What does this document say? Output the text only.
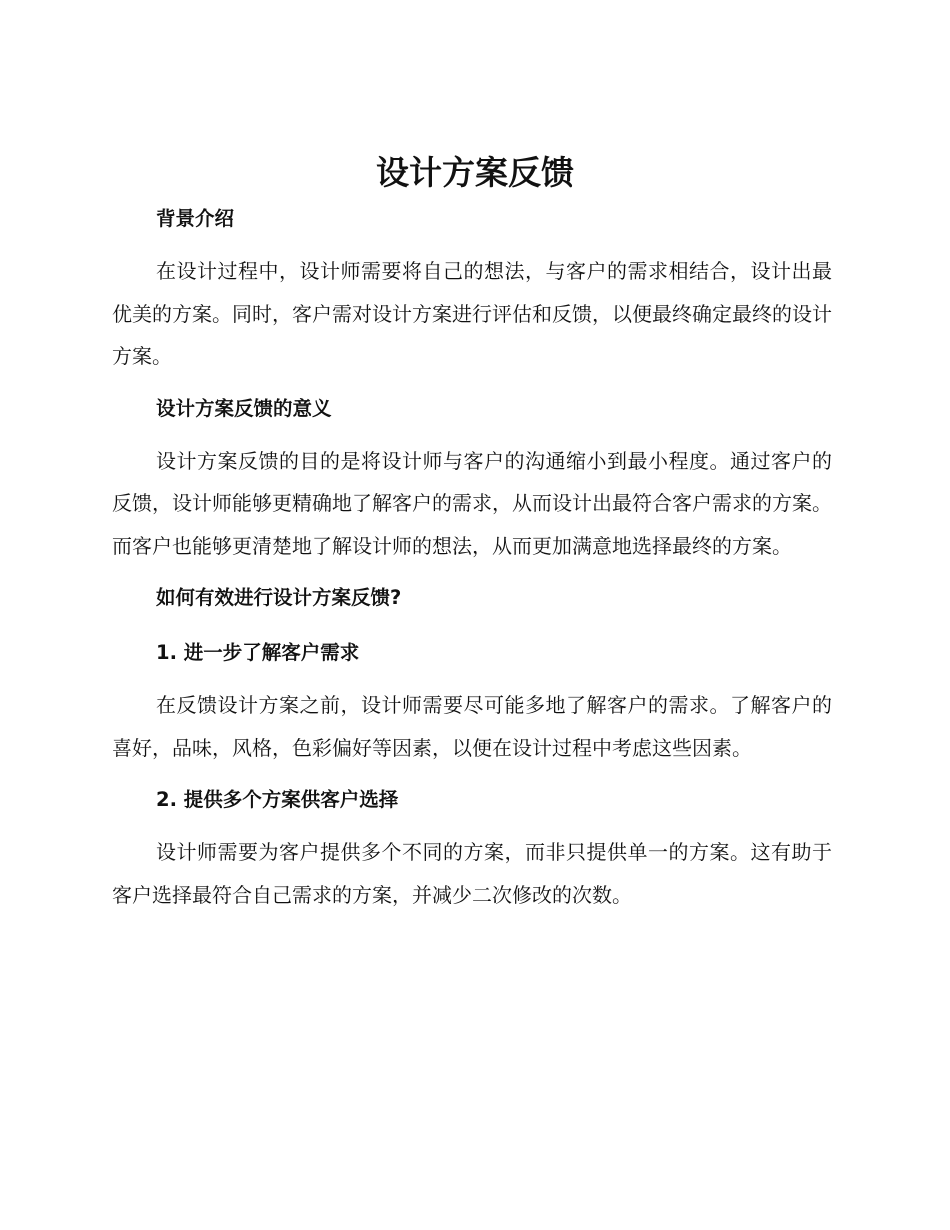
设计方案反馈
背景介绍

在设计过程中，设计师需要将自己的想法，与客户的需求相结合，设计出最优美的方案。同时，客户需对设计方案进行评估和反馈，以便最终确定最终的设计方案。

设计方案反馈的意义

设计方案反馈的目的是将设计师与客户的沟通缩小到最小程度。通过客户的反馈，设计师能够更精确地了解客户的需求，从而设计出最符合客户需求的方案。而客户也能够更清楚地了解设计师的想法，从而更加满意地选择最终的方案。

如何有效进行设计方案反馈?
1. 进一步了解客户需求

在反馈设计方案之前，设计师需要尽可能多地了解客户的需求。了解客户的喜好，品味，风格，色彩偏好等因素，以便在设计过程中考虑这些因素。

2. 提供多个方案供客户选择

设计师需要为客户提供多个不同的方案，而非只提供单一的方案。这有助于客户选择最符合自己需求的方案，并减少二次修改的次数。
